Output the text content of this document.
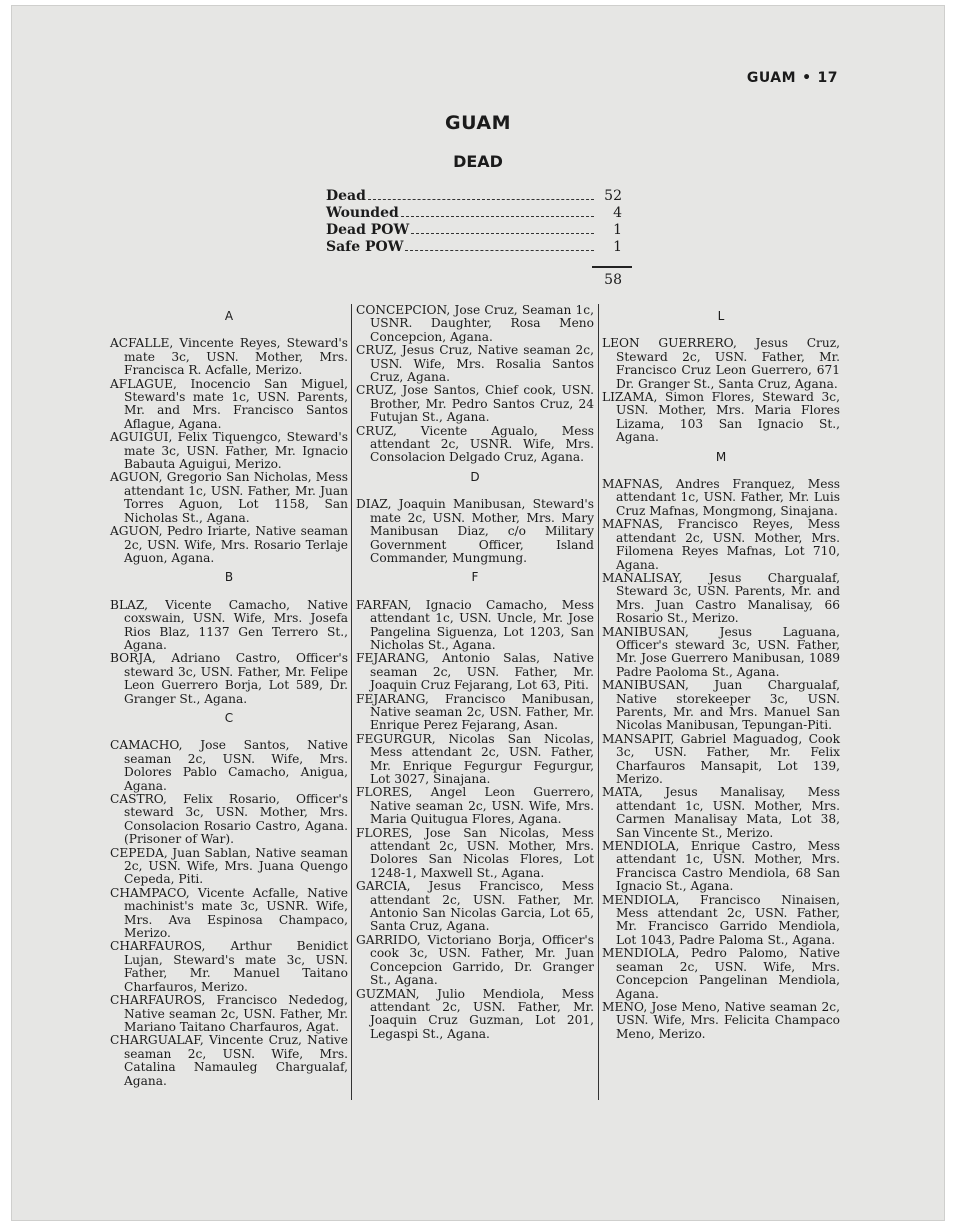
GUAM • 17
GUAM
DEAD
Dead	52
Wounded	4
Dead POW	1
Safe POW	1
58
A

ACFALLE, Vincente Reyes, Steward's mate 3c, USN. Mother, Mrs. Francisca R. Acfalle, Merizo.

AFLAGUE, Inocencio San Miguel, Steward's mate 1c, USN. Parents, Mr. and Mrs. Francisco Santos Aflague, Agana.

AGUIGUI, Felix Tiquengco, Steward's mate 3c, USN. Father, Mr. Ignacio Babauta Aguigui, Merizo.

AGUON, Gregorio San Nicholas, Mess attendant 1c, USN. Father, Mr. Juan Torres Aguon, Lot 1158, San Nicholas St., Agana.

AGUON, Pedro Iriarte, Native seaman 2c, USN. Wife, Mrs. Rosario Terlaje Aguon, Agana.

B

BLAZ, Vicente Camacho, Native coxswain, USN. Wife, Mrs. Josefa Rios Blaz, 1137 Gen Terrero St., Agana.

BORJA, Adriano Castro, Officer's steward 3c, USN. Father, Mr. Felipe Leon Guerrero Borja, Lot 589, Dr. Granger St., Agana.

C

CAMACHO, Jose Santos, Native seaman 2c, USN. Wife, Mrs. Dolores Pablo Camacho, Anigua, Agana.

CASTRO, Felix Rosario, Officer's steward 3c, USN. Mother, Mrs. Consolacion Rosario Castro, Agana. (Prisoner of War).

CEPEDA, Juan Sablan, Native seaman 2c, USN. Wife, Mrs. Juana Quengo Cepeda, Piti.

CHAMPACO, Vicente Acfalle, Native machinist's mate 3c, USNR. Wife, Mrs. Ava Espinosa Champaco, Merizo.

CHARFAUROS, Arthur Benidict Lujan, Steward's mate 3c, USN. Father, Mr. Manuel Taitano Charfauros, Merizo.

CHARFAUROS, Francisco Nededog, Native seaman 2c, USN. Father, Mr. Mariano Taitano Charfauros, Agat.

CHARGUALAF, Vincente Cruz, Native seaman 2c, USN. Wife, Mrs. Catalina Namauleg Chargualaf, Agana.

CONCEPCION, Jose Cruz, Seaman 1c, USNR. Daughter, Rosa Meno Concepcion, Agana.

CRUZ, Jesus Cruz, Native seaman 2c, USN. Wife, Mrs. Rosalia Santos Cruz, Agana.

CRUZ, Jose Santos, Chief cook, USN. Brother, Mr. Pedro Santos Cruz, 24 Futujan St., Agana.

CRUZ, Vicente Agualo, Mess attendant 2c, USNR. Wife, Mrs. Consolacion Delgado Cruz, Agana.

D

DIAZ, Joaquin Manibusan, Steward's mate 2c, USN. Mother, Mrs. Mary Manibusan Diaz, c/o Military Government Officer, Island Commander, Mungmung.

F

FARFAN, Ignacio Camacho, Mess attendant 1c, USN. Uncle, Mr. Jose Pangelina Siguenza, Lot 1203, San Nicholas St., Agana.

FEJARANG, Antonio Salas, Native seaman 2c, USN. Father, Mr. Joaquin Cruz Fejarang, Lot 63, Piti.

FEJARANG, Francisco Manibusan, Native seaman 2c, USN. Father, Mr. Enrique Perez Fejarang, Asan.

FEGURGUR, Nicolas San Nicolas, Mess attendant 2c, USN. Father, Mr. Enrique Fegurgur Fegurgur, Lot 3027, Sinajana.

FLORES, Angel Leon Guerrero, Native seaman 2c, USN. Wife, Mrs. Maria Quitugua Flores, Agana.

FLORES, Jose San Nicolas, Mess attendant 2c, USN. Mother, Mrs. Dolores San Nicolas Flores, Lot 1248-1, Maxwell St., Agana.

GARCIA, Jesus Francisco, Mess attendant 2c, USN. Father, Mr. Antonio San Nicolas Garcia, Lot 65, Santa Cruz, Agana.

GARRIDO, Victoriano Borja, Officer's cook 3c, USN. Father, Mr. Juan Concepcion Garrido, Dr. Granger St., Agana.

GUZMAN, Julio Mendiola, Mess attendant 2c, USN. Father, Mr. Joaquin Cruz Guzman, Lot 201, Legaspi St., Agana.

L

LEON GUERRERO, Jesus Cruz, Steward 2c, USN. Father, Mr. Francisco Cruz Leon Guerrero, 671 Dr. Granger St., Santa Cruz, Agana.

LIZAMA, Simon Flores, Steward 3c, USN. Mother, Mrs. Maria Flores Lizama, 103 San Ignacio St., Agana.

M

MAFNAS, Andres Franquez, Mess attendant 1c, USN. Father, Mr. Luis Cruz Mafnas, Mongmong, Sinajana.

MAFNAS, Francisco Reyes, Mess attendant 2c, USN. Mother, Mrs. Filomena Reyes Mafnas, Lot 710, Agana.

MANALISAY, Jesus Chargualaf, Steward 3c, USN. Parents, Mr. and Mrs. Juan Castro Manalisay, 66 Rosario St., Merizo.

MANIBUSAN, Jesus Laguana, Officer's steward 3c, USN. Father, Mr. Jose Guerrero Manibusan, 1089 Padre Paoloma St., Agana.

MANIBUSAN, Juan Chargualaf, Native storekeeper 3c, USN. Parents, Mr. and Mrs. Manuel San Nicolas Manibusan, Tepungan-Piti.

MANSAPIT, Gabriel Maguadog, Cook 3c, USN. Father, Mr. Felix Charfauros Mansapit, Lot 139, Merizo.

MATA, Jesus Manalisay, Mess attendant 1c, USN. Mother, Mrs. Carmen Manalisay Mata, Lot 38, San Vincente St., Merizo.

MENDIOLA, Enrique Castro, Mess attendant 1c, USN. Mother, Mrs. Francisca Castro Mendiola, 68 San Ignacio St., Agana.

MENDIOLA, Francisco Ninaisen, Mess attendant 2c, USN. Father, Mr. Francisco Garrido Mendiola, Lot 1043, Padre Paloma St., Agana.

MENDIOLA, Pedro Palomo, Native seaman 2c, USN. Wife, Mrs. Concepcion Pangelinan Mendiola, Agana.

MENO, Jose Meno, Native seaman 2c, USN. Wife, Mrs. Felicita Champaco Meno, Merizo.
